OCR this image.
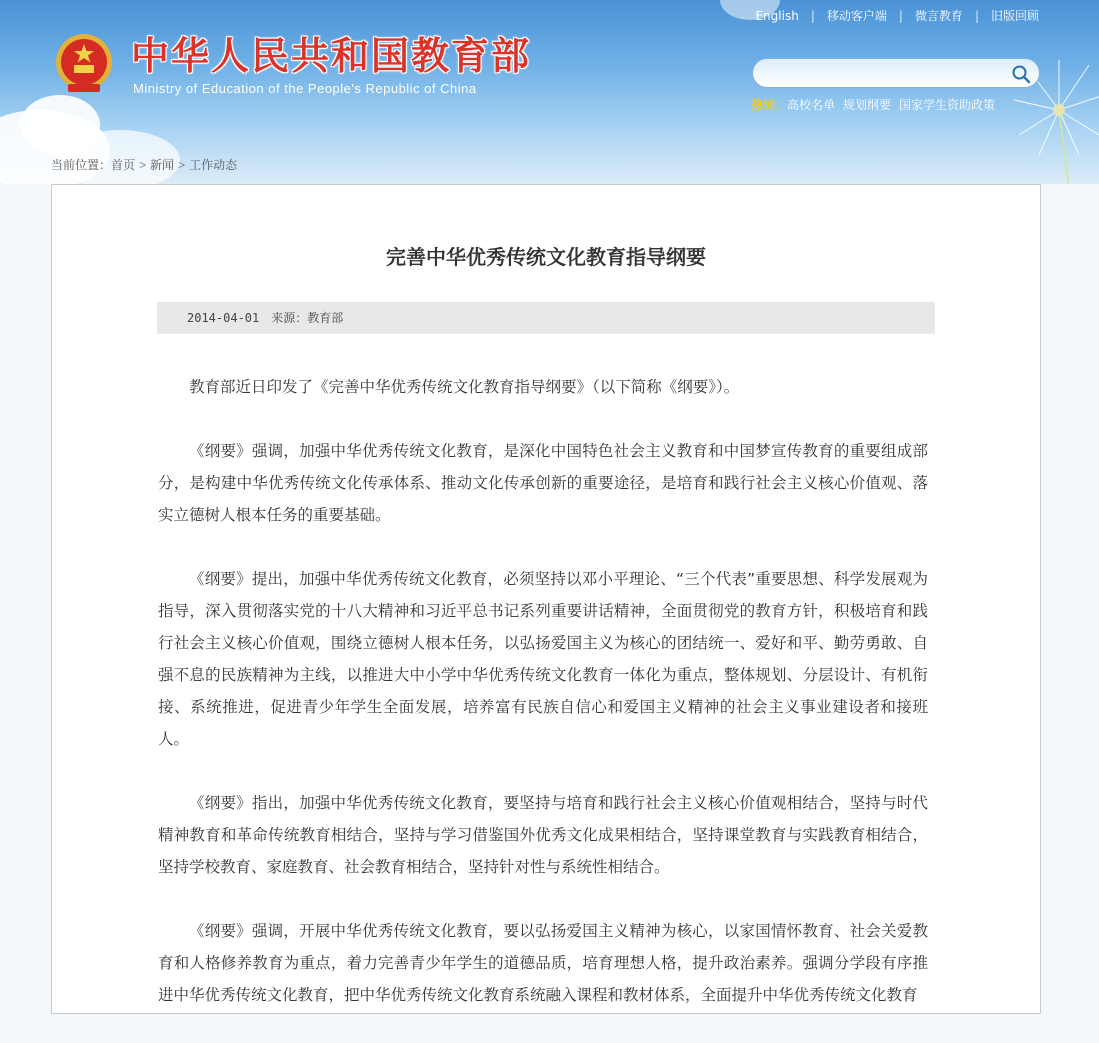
中华人民共和国教育部
Ministry of Education of the People's Republic of China
English | 移动客户端 | 微言教育 | 旧版回顾
热词：高校名单 规划纲要 国家学生资助政策
当前位置：首页 > 新闻 > 工作动态
完善中华优秀传统文化教育指导纲要
2014-04-01 来源：教育部

教育部近日印发了《完善中华优秀传统文化教育指导纲要》（以下简称《纲要》）。

《纲要》强调，加强中华优秀传统文化教育，是深化中国特色社会主义教育和中国梦宣传教育的重要组成部分，是构建中华优秀传统文化传承体系、推动文化传承创新的重要途径，是培育和践行社会主义核心价值观、落实立德树人根本任务的重要基础。

《纲要》提出，加强中华优秀传统文化教育，必须坚持以邓小平理论、“三个代表”重要思想、科学发展观为指导，深入贯彻落实党的十八大精神和习近平总书记系列重要讲话精神，全面贯彻党的教育方针，积极培育和践行社会主义核心价值观，围绕立德树人根本任务，以弘扬爱国主义为核心的团结统一、爱好和平、勤劳勇敢、自强不息的民族精神为主线，以推进大中小学中华优秀传统文化教育一体化为重点，整体规划、分层设计、有机衔接、系统推进，促进青少年学生全面发展，培养富有民族自信心和爱国主义精神的社会主义事业建设者和接班人。

《纲要》指出，加强中华优秀传统文化教育，要坚持与培育和践行社会主义核心价值观相结合，坚持与时代精神教育和革命传统教育相结合，坚持与学习借鉴国外优秀文化成果相结合，坚持课堂教育与实践教育相结合，坚持学校教育、家庭教育、社会教育相结合，坚持针对性与系统性相结合。

《纲要》强调，开展中华优秀传统文化教育，要以弘扬爱国主义精神为核心，以家国情怀教育、社会关爱教育和人格修养教育为重点，着力完善青少年学生的道德品质，培育理想人格，提升政治素养。强调分学段有序推进中华优秀传统文化教育，把中华优秀传统文化教育系统融入课程和教材体系，全面提升中华优秀传统文化教育
